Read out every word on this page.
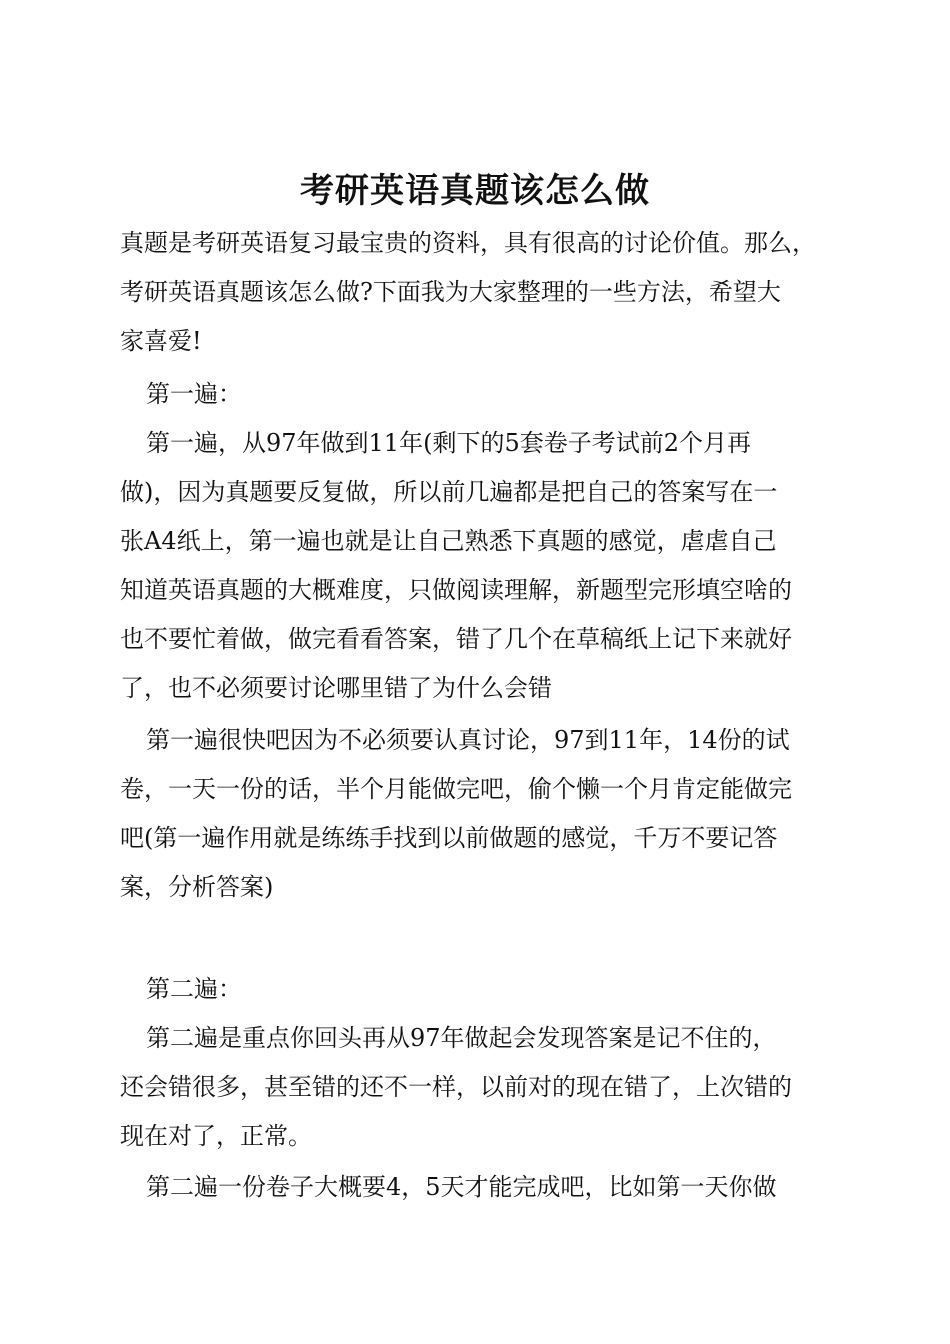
考研英语真题该怎么做

真题是考研英语复习最宝贵的资料，具有很高的讨论价值。那么，
考研英语真题该怎么做?下面我为大家整理的一些方法，希望大
家喜爱!

第一遍：

第一遍，从97年做到11年(剩下的5套卷子考试前2个月再
做)，因为真题要反复做，所以前几遍都是把自己的答案写在一
张A4纸上，第一遍也就是让自己熟悉下真题的感觉，虐虐自己
知道英语真题的大概难度，只做阅读理解，新题型完形填空啥的
也不要忙着做，做完看看答案，错了几个在草稿纸上记下来就好
了，也不必须要讨论哪里错了为什么会错

第一遍很快吧因为不必须要认真讨论，97到11年，14份的试
卷，一天一份的话，半个月能做完吧，偷个懒一个月肯定能做完
吧(第一遍作用就是练练手找到以前做题的感觉，千万不要记答
案，分析答案)

第二遍：

第二遍是重点你回头再从97年做起会发现答案是记不住的，
还会错很多，甚至错的还不一样，以前对的现在错了，上次错的
现在对了，正常。

第二遍一份卷子大概要4，5天才能完成吧，比如第一天你做
